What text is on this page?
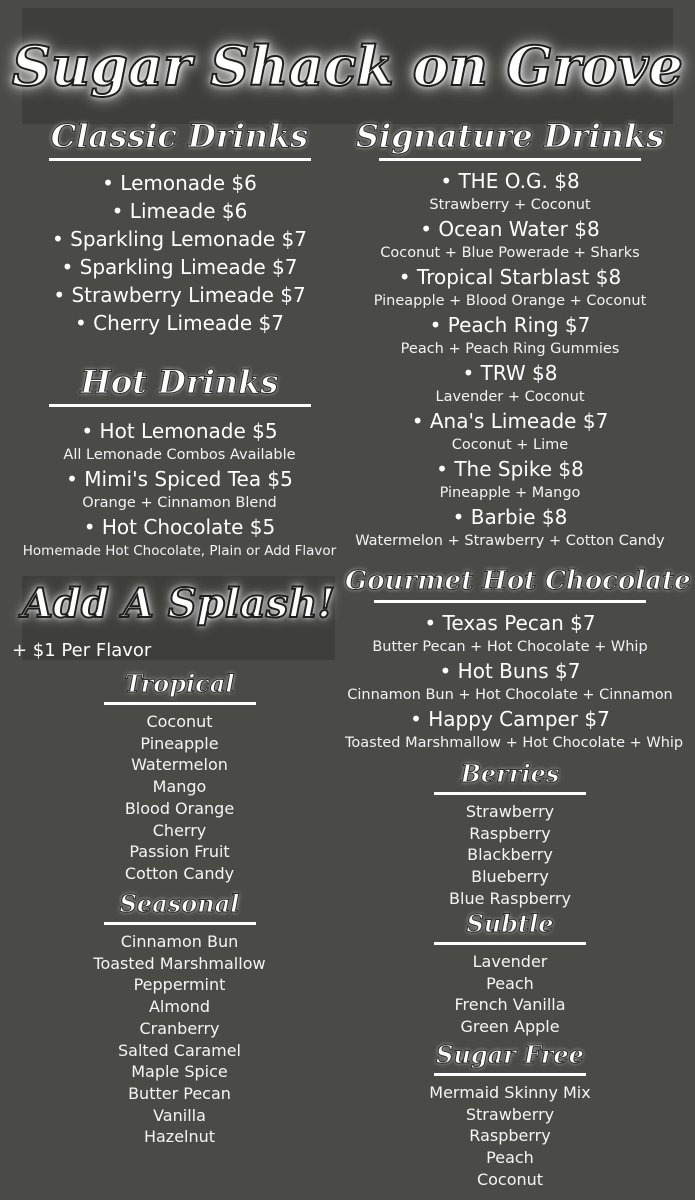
Sugar Shack on Grove
Classic Drinks
• Lemonade $6
• Limeade $6
• Sparkling Lemonade $7
• Sparkling Limeade $7
• Strawberry Limeade $7
• Cherry Limeade $7
Hot Drinks
• Hot Lemonade $5
All Lemonade Combos Available
• Mimi's Spiced Tea $5
Orange + Cinnamon Blend
• Hot Chocolate $5
Homemade Hot Chocolate, Plain or Add Flavor
Add A Splash!
+ $1 Per Flavor
Tropical
Coconut
Pineapple
Watermelon
Mango
Blood Orange
Cherry
Passion Fruit
Cotton Candy
Seasonal
Cinnamon Bun
Toasted Marshmallow
Peppermint
Almond
Cranberry
Salted Caramel
Maple Spice
Butter Pecan
Vanilla
Hazelnut
Signature Drinks
• THE O.G. $8
Strawberry + Coconut
• Ocean Water $8
Coconut + Blue Powerade + Sharks
• Tropical Starblast $8
Pineapple + Blood Orange + Coconut
• Peach Ring $7
Peach + Peach Ring Gummies
• TRW $8
Lavender + Coconut
• Ana's Limeade $7
Coconut + Lime
• The Spike $8
Pineapple + Mango
• Barbie $8
Watermelon + Strawberry + Cotton Candy
Gourmet Hot Chocolate
• Texas Pecan $7
Butter Pecan + Hot Chocolate + Whip
• Hot Buns $7
Cinnamon Bun + Hot Chocolate + Cinnamon
• Happy Camper $7
Toasted Marshmallow + Hot Chocolate + Whip
Berries
Strawberry
Raspberry
Blackberry
Blueberry
Blue Raspberry
Subtle
Lavender
Peach
French Vanilla
Green Apple
Sugar Free
Mermaid Skinny Mix
Strawberry
Raspberry
Peach
Coconut
